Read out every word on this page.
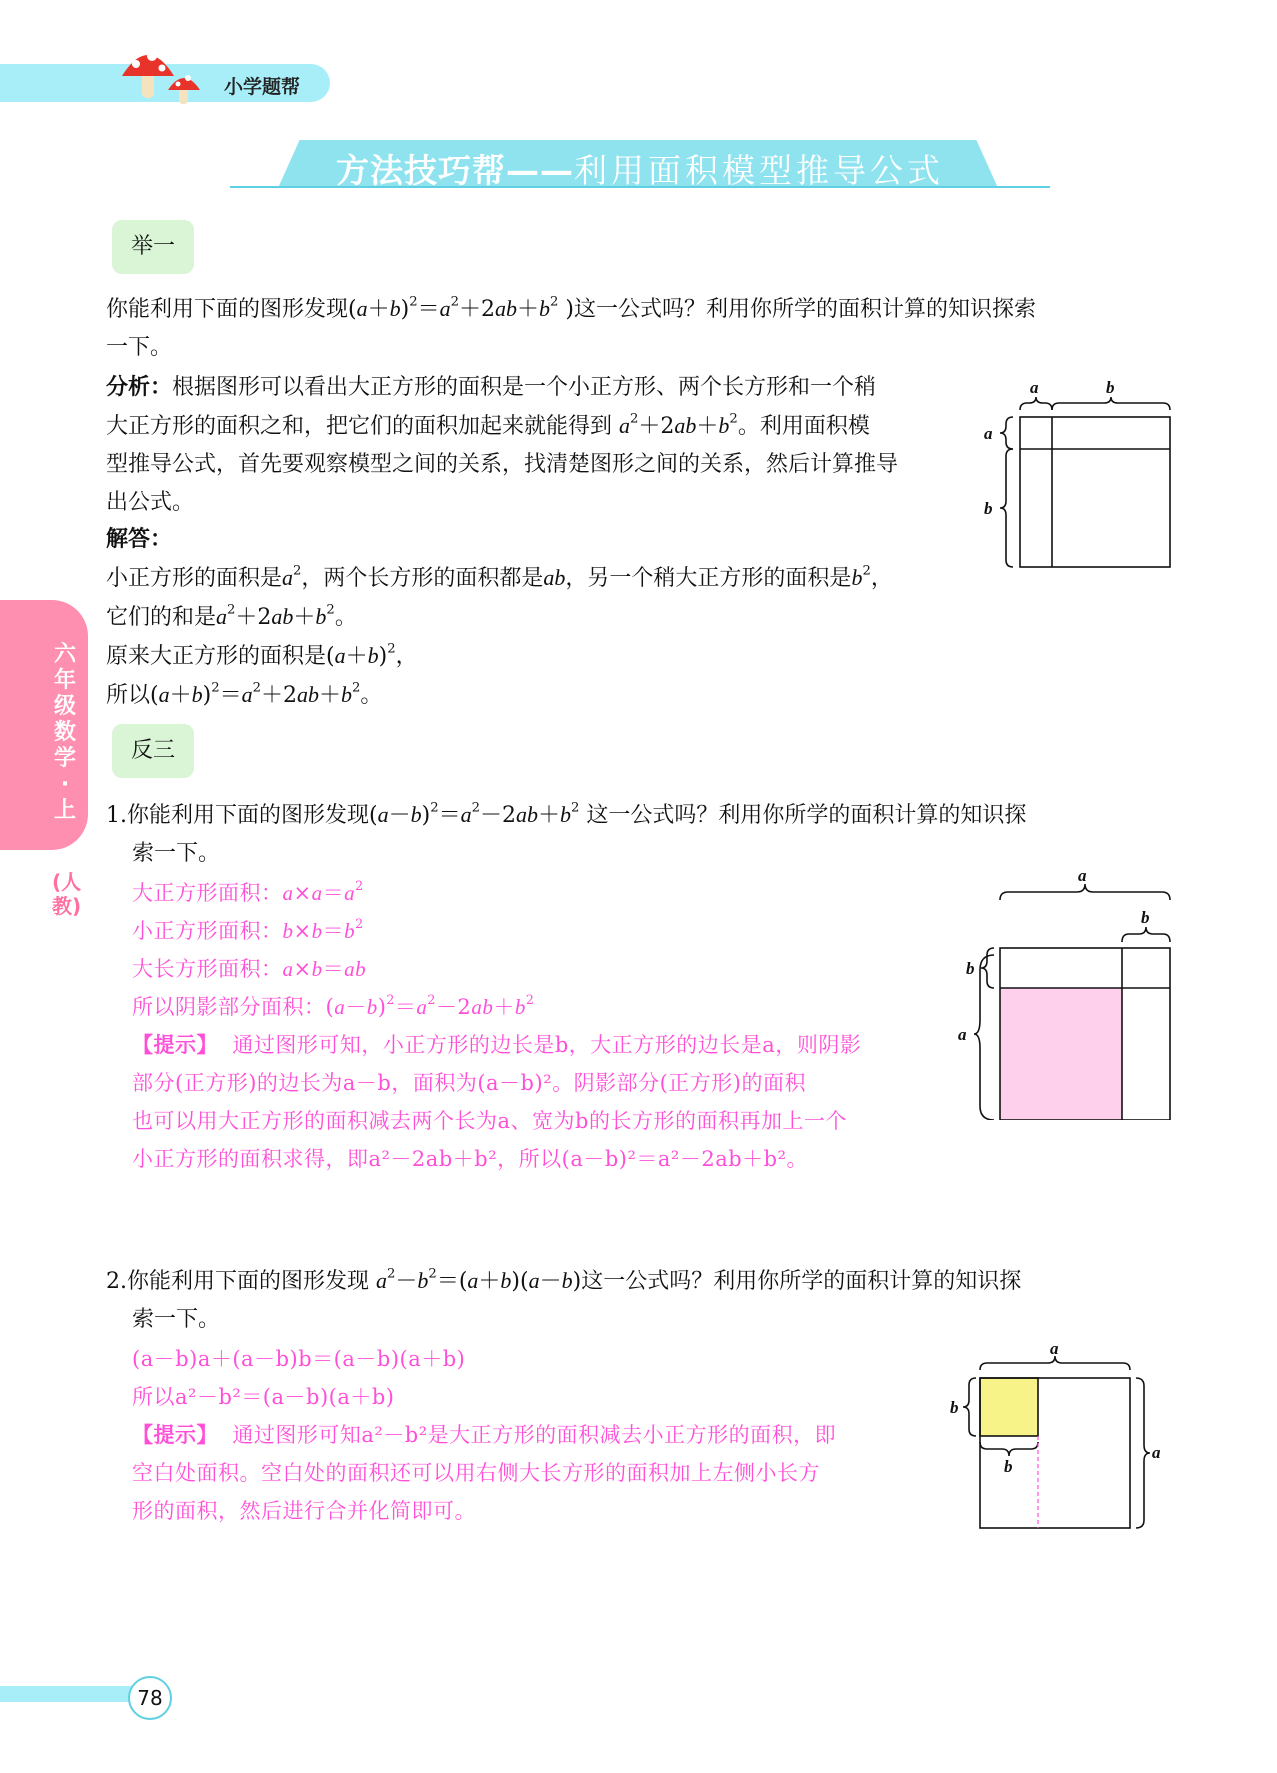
小学题帮
方法技巧帮——利用面积模型推导公式
举一
你能利用下面的图形发现$(a+b)^2=a^2+2ab+b^2$ )这一公式吗？利用你所学的面积计算的知识探索
一下。
分析：根据图形可以看出大正方形的面积是一个小正方形、两个长方形和一个稍
大正方形的面积之和，把它们的面积加起来就能得到 $a^2+2ab+b^2$。利用面积模
型推导公式，首先要观察模型之间的关系，找清楚图形之间的关系，然后计算推导
出公式。
解答：
小正方形的面积是$a^2$，两个长方形的面积都是ab，另一个稍大正方形的面积是$b^2$，
它们的和是$a^2+2ab+b^2$。
原来大正方形的面积是$(a+b)^2$，
所以$(a+b)^2=a^2+2ab+b^2$。
a	b
a
b
反三
1.你能利用下面的图形发现$(a-b)^2=a^2-2ab+b^2$ 这一公式吗？利用你所学的面积计算的知识探
索一下。
大正方形面积：$a\times a=a^2$
小正方形面积：$b\times b=b^2$
大长方形面积：a×b＝ab
所以阴影部分面积：$(a-b)^2=a^2-2ab+b^2$
【提示】 通过图形可知，小正方形的边长是b，大正方形的边长是a，则阴影
部分(正方形)的边长为a－b，面积为(a－b)²。阴影部分(正方形)的面积
也可以用大正方形的面积减去两个长为a、宽为b的长方形的面积再加上一个
小正方形的面积求得，即a²－2ab＋b²，所以(a－b)²＝a²－2ab＋b²。
a
b
b
a
2.你能利用下面的图形发现 $a^2-b^2=(a+b)(a-b)$这一公式吗？利用你所学的面积计算的知识探
索一下。
(a－b)a＋(a－b)b＝(a－b)(a＋b)
所以a²－b²＝(a－b)(a＋b)
【提示】 通过图形可知a²－b²是大正方形的面积减去小正方形的面积，即
空白处面积。空白处的面积还可以用右侧大长方形的面积加上左侧小长方
形的面积，然后进行合并化简即可。
a
b
b
a
六年级数学·上
(人教)
78
